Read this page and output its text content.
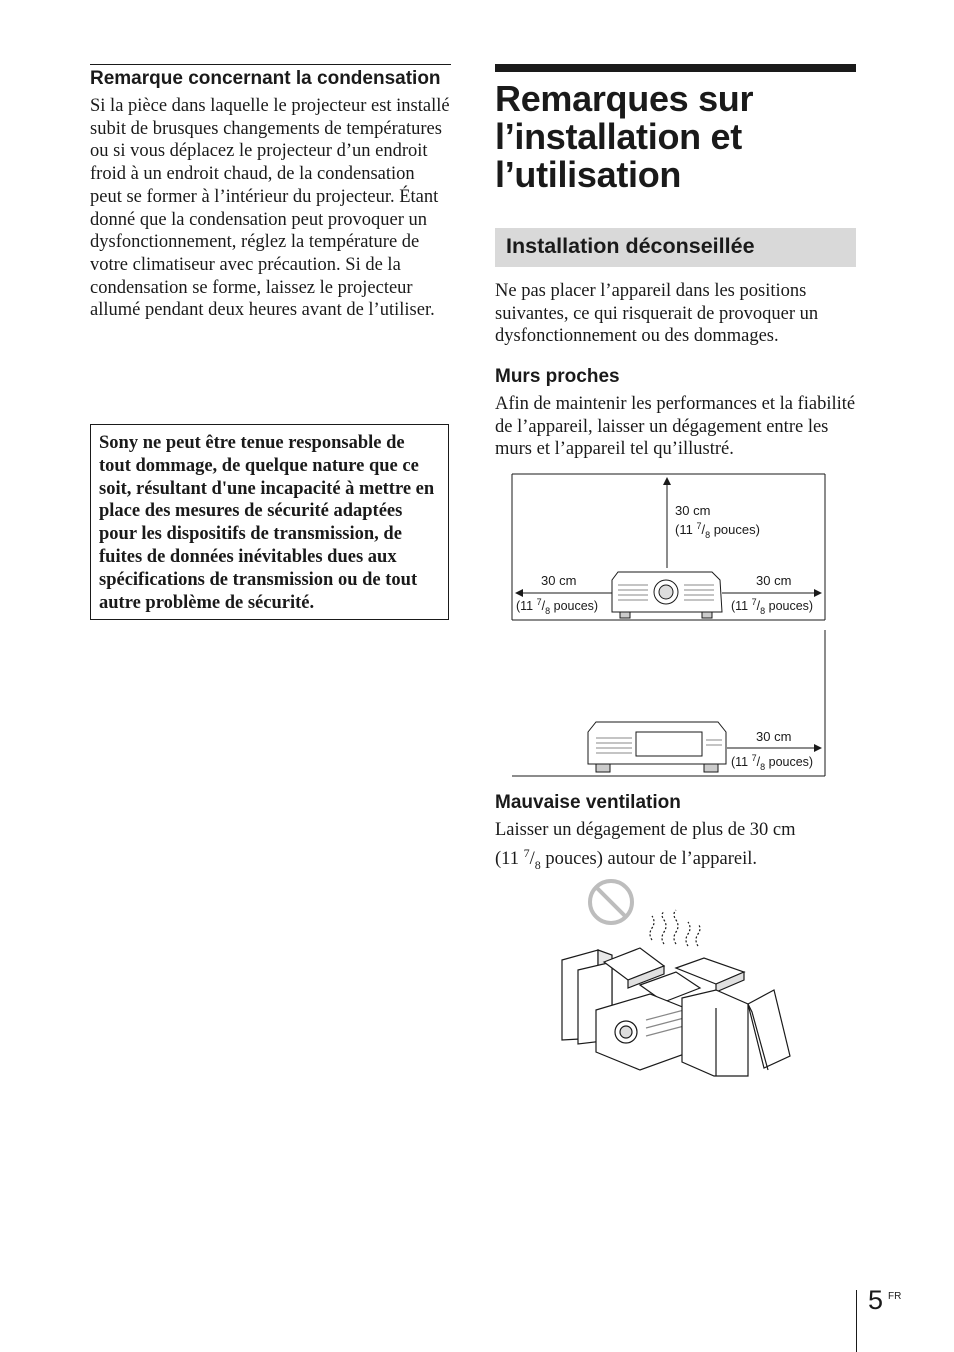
Remarque concernant la condensation

Si la pièce dans laquelle le projecteur est installé subit de brusques changements de températures ou si vous déplacez le projecteur d’un endroit froid à un endroit chaud, de la condensation peut se former à l’intérieur du projecteur. Étant donné que la condensation peut provoquer un dysfonctionnement, réglez la température de votre climatiseur avec précaution. Si de la condensation se forme, laissez le projecteur allumé pendant deux heures avant de l’utiliser.

Sony ne peut être tenue responsable de tout dommage, de quelque nature que ce soit, résultant d'une incapacité à mettre en place des mesures de sécurité adaptées pour les dispositifs de transmission, de fuites de données inévitables dues aux spécifications de transmission ou de tout autre problème de sécurité.

Remarques sur
l’installation et
l’utilisation
Installation déconseillée

Ne pas placer l’appareil dans les positions suivantes, ce qui risquerait de provoquer un dysfonctionnement ou des dommages.

Murs proches

Afin de maintenir les performances et la fiabilité de l’appareil, laisser un dégagement entre les murs et l’appareil tel qu’illustré.

30 cm
(11 $^7/_8$ pouces)
30 cm
(11 $^7/_8$ pouces)
30 cm
(11 $^7/_8$ pouces)
30 cm
(11 $^7/_8$ pouces)
Mauvaise ventilation
Laisser un dégagement de plus de 30 cm
(11 $^7/_8$ pouces) autour de l’appareil.
5 FR
